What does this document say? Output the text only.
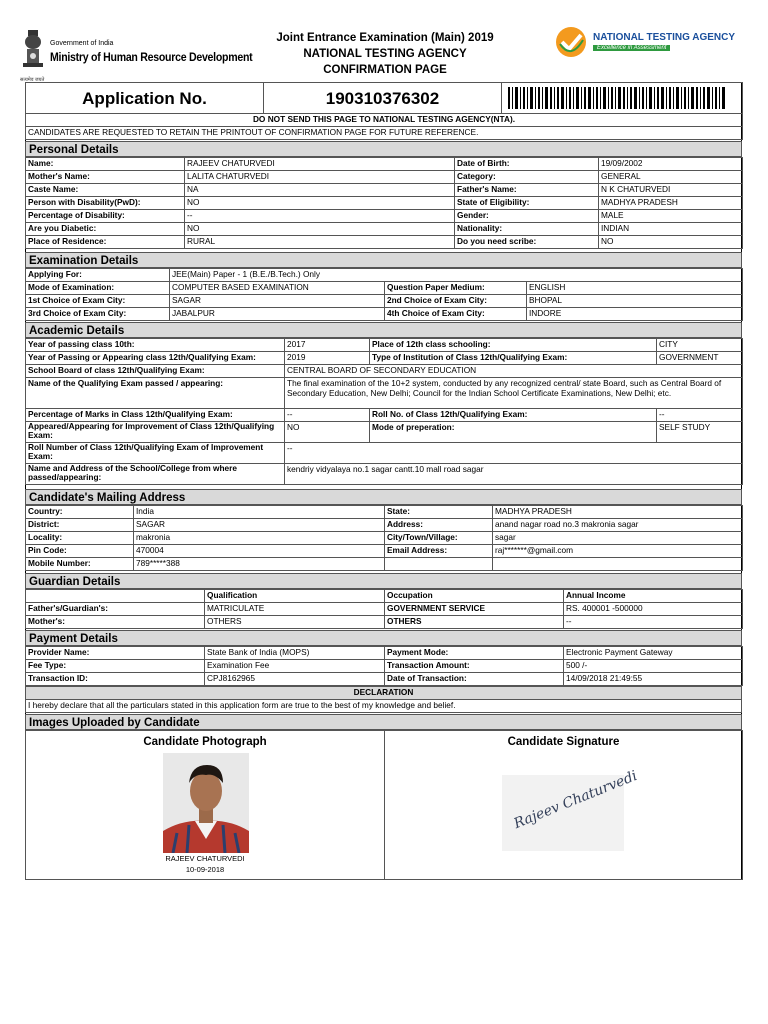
Government of India
Ministry of Human Resource Development
सत्यमेव जयते
Joint Entrance Examination (Main) 2019
NATIONAL TESTING AGENCY
CONFIRMATION PAGE
NATIONAL TESTING AGENCY
Excellence in Assessment
Application No.	190310376302	

DO NOT SEND THIS PAGE TO NATIONAL TESTING AGENCY(NTA).
CANDIDATES ARE REQUESTED TO RETAIN THE PRINTOUT OF CONFIRMATION PAGE FOR FUTURE REFERENCE.
Personal Details
Name:	RAJEEV CHATURVEDI	Date of Birth:	19/09/2002
Mother's Name:	LALITA CHATURVEDI	Category:	GENERAL
Caste Name:	NA	Father's Name:	N K CHATURVEDI
Person with Disability(PwD):	NO	State of Eligibility:	MADHYA PRADESH
Percentage of Disability:	--	Gender:	MALE
Are you Diabetic:	NO	Nationality:	INDIAN
Place of Residence:	RURAL	Do you need scribe:	NO
Examination Details
Applying For:	JEE(Main) Paper - 1 (B.E./B.Tech.) Only		
Mode of Examination:	COMPUTER BASED EXAMINATION	Question Paper Medium:	ENGLISH
1st Choice of Exam City:	SAGAR	2nd Choice of Exam City:	BHOPAL
3rd Choice of Exam City:	JABALPUR	4th Choice of Exam City:	INDORE
Academic Details
Year of passing class 10th:	2017	Place of 12th class schooling:	CITY
Year of Passing or Appearing class 12th/Qualifying Exam:	2019	Type of Institution of Class 12th/Qualifying Exam:	GOVERNMENT
School Board of class 12th/Qualifying Exam:	CENTRAL BOARD OF SECONDARY EDUCATION		
Name of the Qualifying Exam passed / appearing:	The final examination of the 10+2 system, conducted by any recognized central/ state Board, such as Central Board of Secondary Education, New Delhi; Council for the Indian School Certificate Examinations, New Delhi; etc.		
Percentage of Marks in Class 12th/Qualifying Exam:	--	Roll No. of Class 12th/Qualifying Exam:	--
Appeared/Appearing for Improvement of Class 12th/Qualifying Exam:	NO	Mode of preperation:	SELF STUDY
Roll Number of Class 12th/Qualifying Exam of Improvement Exam:	--		
Name and Address of the School/College from where passed/appearing:	kendriy vidyalaya no.1 sagar cantt.10 mall road sagar		
Candidate's Mailing Address
Country:	India	State:	MADHYA PRADESH
District:	SAGAR	Address:	anand nagar road no.3 makronia sagar
Locality:	makronia	City/Town/Village:	sagar
Pin Code:	470004	Email Address:	raj*******@gmail.com
Mobile Number:	789*****388		
Guardian Details
	Qualification	Occupation	Annual Income
Father's/Guardian's:	MATRICULATE	GOVERNMENT SERVICE	RS. 400001 -500000
Mother's:	OTHERS	OTHERS	--
Payment Details
Provider Name:	State Bank of India (MOPS)	Payment Mode:	Electronic Payment Gateway
Fee Type:	Examination Fee	Transaction Amount:	500 /-
Transaction ID:	CPJ8162965	Date of Transaction:	14/09/2018 21:49:55
DECLARATION
I hereby declare that all the particulars stated in this application form are true to the best of my knowledge and belief.
Images Uploaded by Candidate
Candidate Photograph
RAJEEV CHATURVEDI
10-09-2018

Candidate Signature
Rajeev Chaturvedi
